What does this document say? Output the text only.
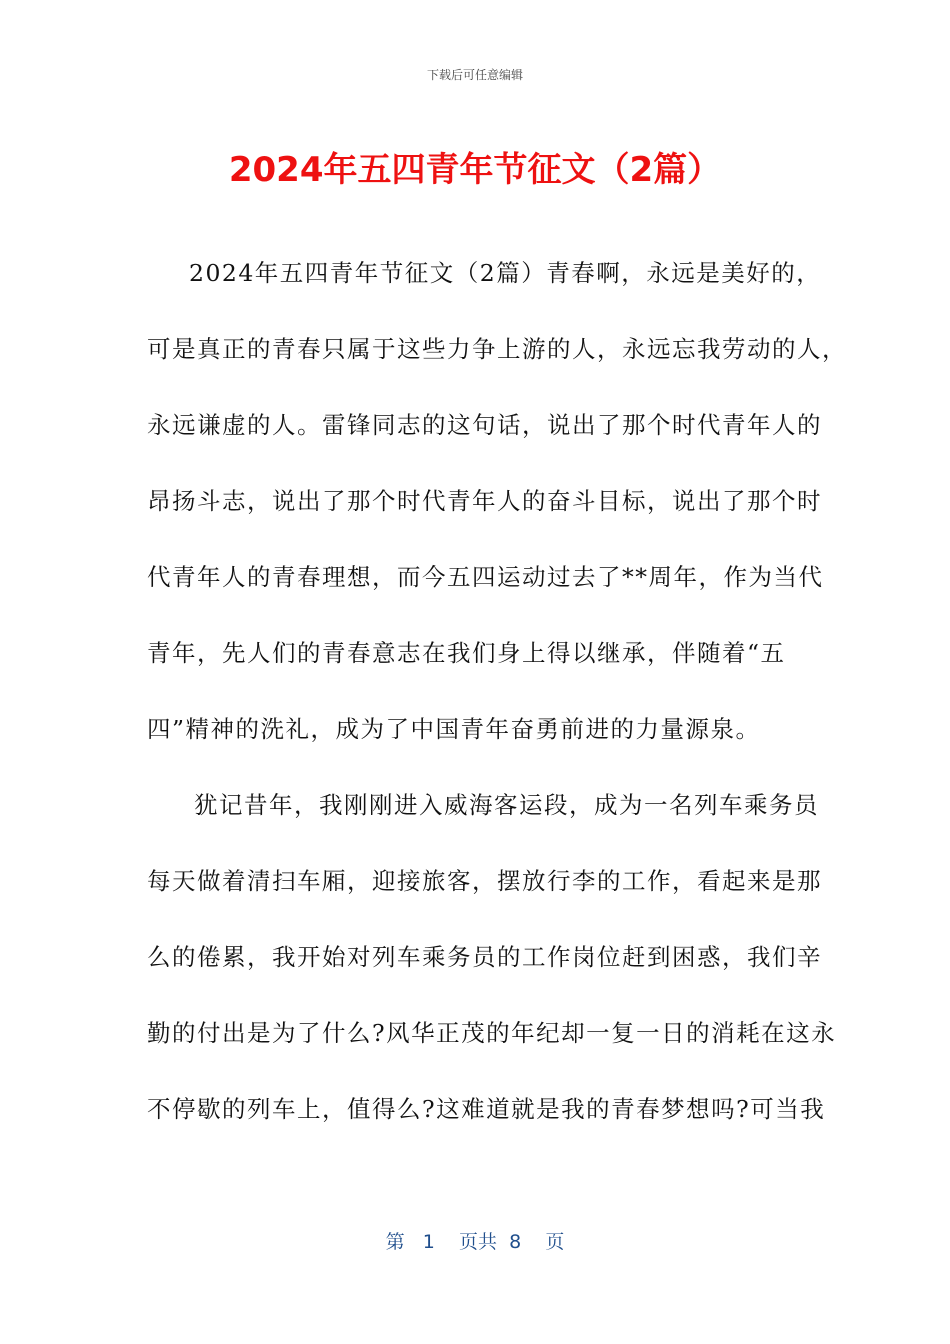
下载后可任意编辑
2024年五四青年节征文（2篇）
2024年五四青年节征文（2篇）青春啊，永远是美好的，
可是真正的青春只属于这些力争上游的人，永远忘我劳动的人，
永远谦虚的人。雷锋同志的这句话，说出了那个时代青年人的
昂扬斗志，说出了那个时代青年人的奋斗目标，说出了那个时
代青年人的青春理想，而今五四运动过去了**周年，作为当代
青年，先人们的青春意志在我们身上得以继承，伴随着“五
四”精神的洗礼，成为了中国青年奋勇前进的力量源泉。
犹记昔年，我刚刚进入威海客运段，成为一名列车乘务员
每天做着清扫车厢，迎接旅客，摆放行李的工作，看起来是那
么的倦累，我开始对列车乘务员的工作岗位赶到困惑，我们辛
勤的付出是为了什么?风华正茂的年纪却一复一日的消耗在这永
不停歇的列车上，值得么?这难道就是我的青春梦想吗?可当我
第 1 页共 8 页
